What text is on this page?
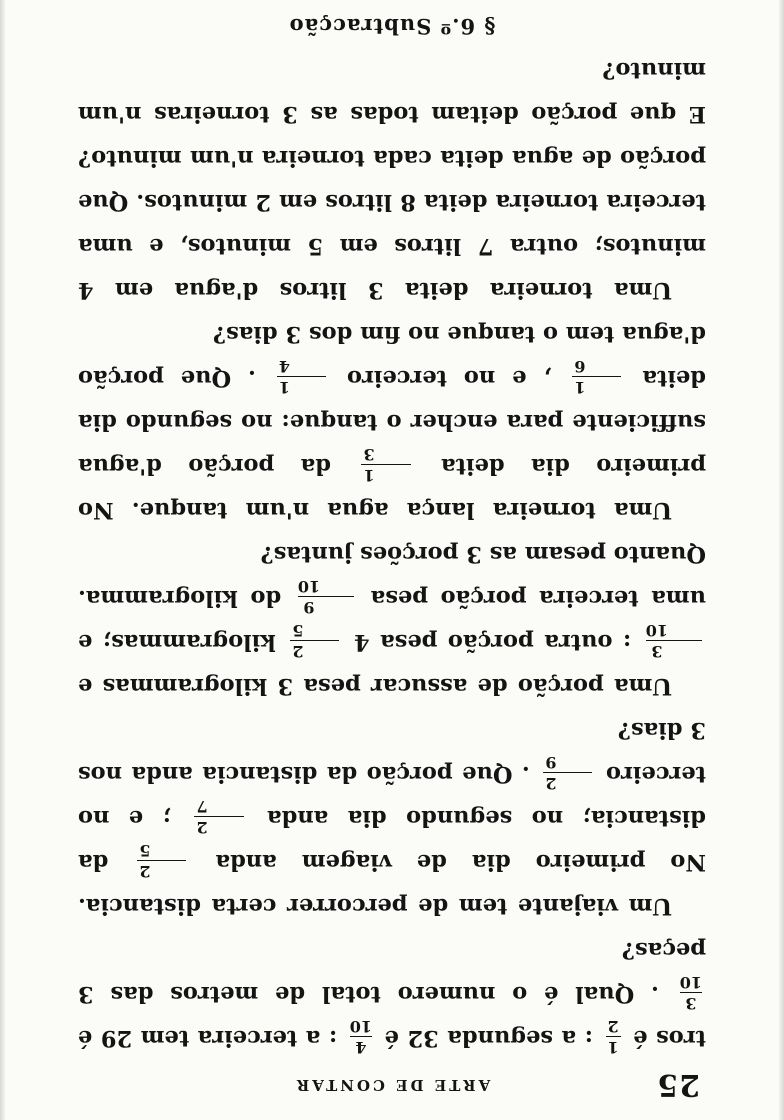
25
ARTE DE CONTAR

tros é
1
2
: a segunda 32 é
4
10
: a terceira tem 29 é
3
10
. Qual é o numero total de metros das 3 peças?

Um viajante tem de percorrer certa distancia. No primeiro dia de viagem anda
2
5
da distancia; no segundo dia anda
2
7
; e no terceiro
2
9
. Que porção da distancia anda nos 3 dias?

Uma porção de assucar pesa 3 kilogrammas e
3
10
: outra porção pesa 4
2
5
kilogrammas; e uma terceira porção pesa
9
10
do kilogramma. Quanto pesam as 3 porções juntas?

Uma torneira lança agua n'um tanque. No primeiro dia deita
1
3
da porção d'agua sufficiente para encher o tanque: no segundo dia deita
1
6
, e no terceiro
1
4
. Que porção d'agua tem o tanque no fim dos 3 dias?

Uma torneira deita 3 litros d'agua em 4 minutos; outra 7 litros em 5 minutos, e uma terceira torneira deita 8 litros em 2 minutos. Que porção de agua deita cada torneira n'um minuto? E que porção deitam todas as 3 torneiras n'um minuto?

§ 6.º Subtracção
